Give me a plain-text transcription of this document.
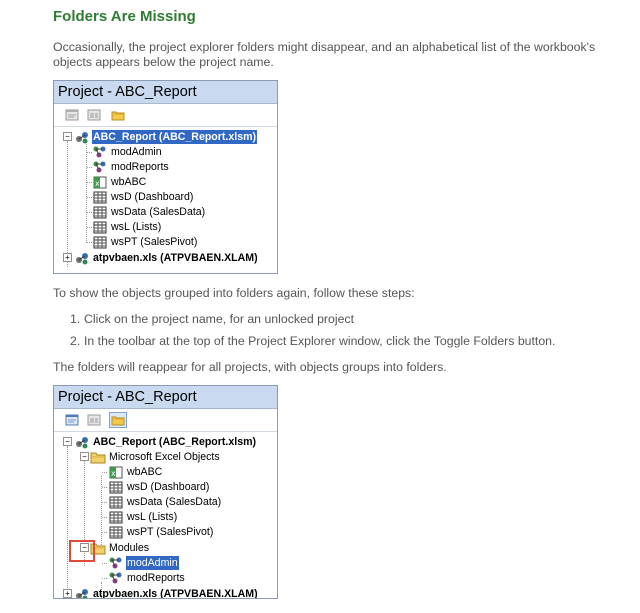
Folders Are Missing
Occasionally, the project explorer folders might disappear, and an alphabetical list of the workbook's
objects appears below the project name.
Project - ABC_Report
− ABC_Report (ABC_Report.xlsm)
modAdmin
modReports
x wbABC
wsD (Dashboard)
wsData (SalesData)
wsL (Lists)
wsPT (SalesPivot)
+ atpvbaen.xls (ATPVBAEN.XLAM)
To show the objects grouped into folders again, follow these steps:
1. Click on the project name, for an unlocked project
2. In the toolbar at the top of the Project Explorer window, click the Toggle Folders button.
The folders will reappear for all projects, with objects groups into folders.
Project - ABC_Report
− ABC_Report (ABC_Report.xlsm)
− Microsoft Excel Objects
x wbABC
wsD (Dashboard)
wsData (SalesData)
wsL (Lists)
wsPT (SalesPivot)
− Modules
modAdmin
modReports
+ atpvbaen.xls (ATPVBAEN.XLAM)
